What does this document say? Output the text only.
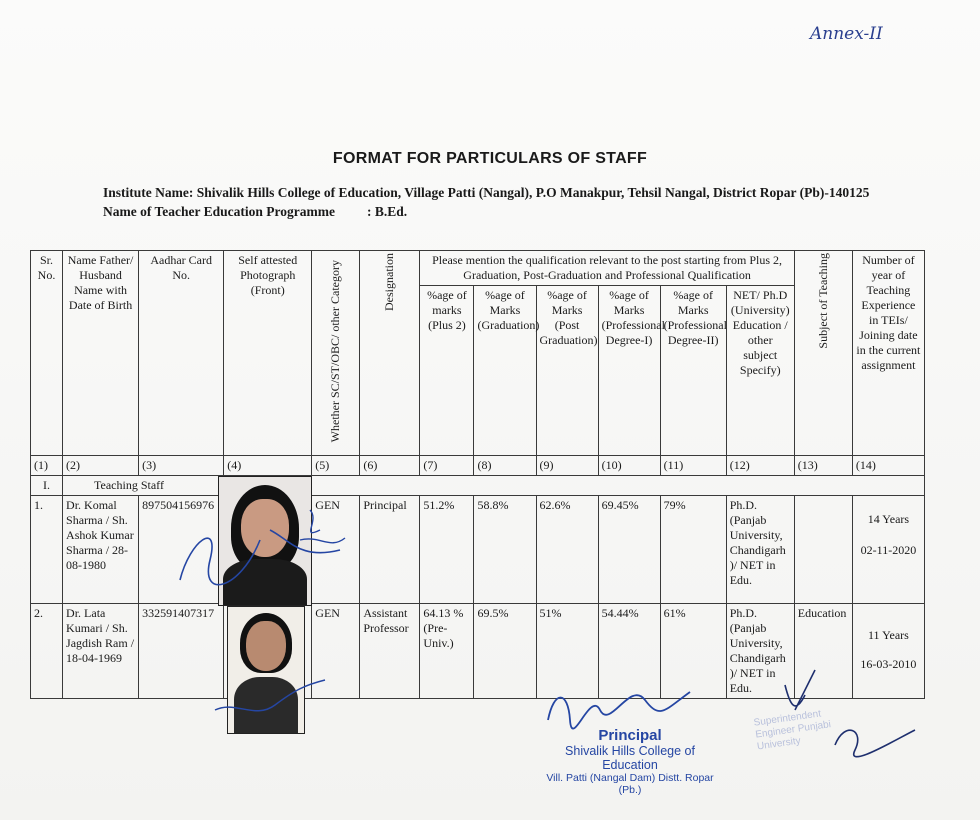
Annex-II
FORMAT FOR PARTICULARS OF STAFF
Institute Name: Shivalik Hills College of Education, Village Patti (Nangal), P.O Manakpur, Tehsil Nangal, District Ropar (Pb)-140125
Name of Teacher Education Programme : B.Ed.
Sr. No.	Name Father/ Husband Name with Date of Birth	Aadhar Card No.	Self attested Photograph (Front)	Whether SC/ST/OBC/ other Category	Designation	Please mention the qualification relevant to the post starting from Plus 2, Graduation, Post-Graduation and Professional Qualification						Subject of Teaching	Number of year of Teaching Experience in TEIs/ Joining date in the current assignment
						%age of marks (Plus 2)	%age of Marks (Graduation)	%age of Marks (Post Graduation)	%age of Marks (Professional Degree-I)	%age of Marks (Professional Degree-II)	NET/ Ph.D (University) Education / other subject Specify)		
(1)	(2)	(3)	(4)	(5)	(6)	(7)	(8)	(9)	(10)	(11)	(12)	(13)	(14)
I.	Teaching Staff												
1.	Dr. Komal Sharma / Sh. Ashok Kumar Sharma / 28-08-1980	897504156976		GEN	Principal	51.2%	58.8%	62.6%	69.45%	79%	Ph.D. (Panjab University, Chandigarh )/ NET in Edu.		14 Years
02-11-2020

2.	Dr. Lata Kumari / Sh. Jagdish Ram / 18-04-1969	332591407317		GEN	Assistant Professor	64.13 % (Pre-Univ.)	69.5%	51%	54.44%	61%	Ph.D. (Panjab University, Chandigarh )/ NET in Edu.	Education	11 Years
16-03-2010
Principal
Shivalik Hills College of Education
Vill. Patti (Nangal Dam) Distt. Ropar (Pb.)
Superintendent Engineer Punjabi University
